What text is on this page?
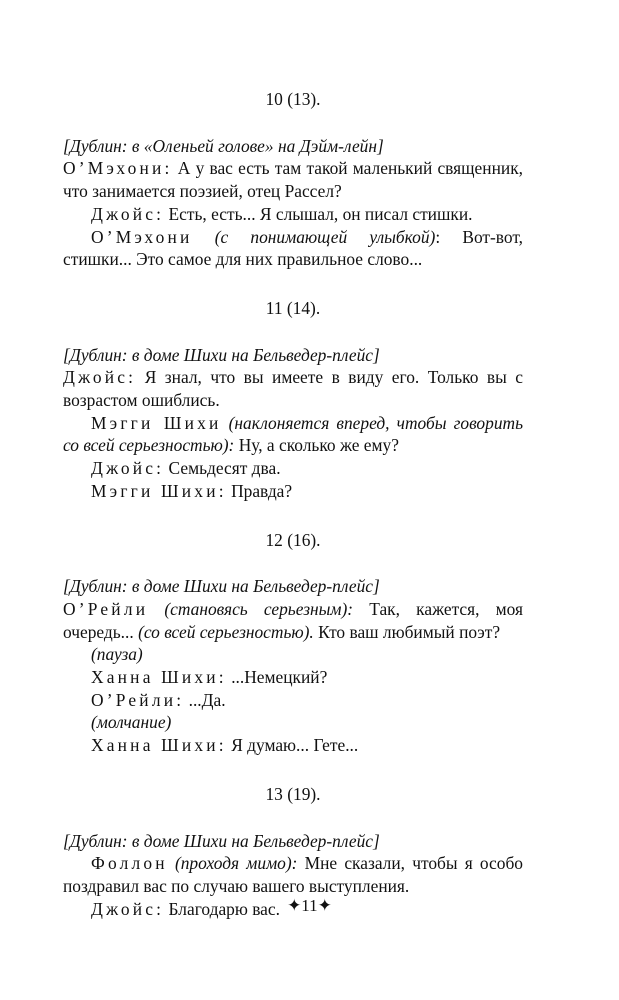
10 (13).

[Дублин: в «Оленьей голове» на Дэйм-лейн]

О’Мэхони: А у вас есть там такой маленький священник, что занимается поэзией, отец Рассел?

Джойс: Есть, есть... Я слышал, он писал стишки.

О’Мэхони (с понимающей улыбкой): Вот-вот, стишки... Это самое для них правильное слово...

11 (14).

[Дублин: в доме Шихи на Бельведер-плейс]

Джойс: Я знал, что вы имеете в виду его. Только вы с возрастом ошиблись.

Мэгги Шихи (наклоняется вперед, чтобы говорить со всей серьезностью): Ну, а сколько же ему?

Джойс: Семьдесят два.

Мэгги Шихи: Правда?

12 (16).

[Дублин: в доме Шихи на Бельведер-плейс]

О’Рейли (становясь серьезным): Так, кажется, моя очередь... (со всей серьезностью). Кто ваш любимый поэт?

(пауза)

Ханна Шихи: ...Немецкий?

О’Рейли: ...Да.

(молчание)

Ханна Шихи: Я думаю... Гете...

13 (19).

[Дублин: в доме Шихи на Бельведер-плейс]

Фоллон (проходя мимо): Мне сказали, чтобы я особо поздравил вас по случаю вашего выступления.

Джойс: Благодарю вас. ✦11✦
